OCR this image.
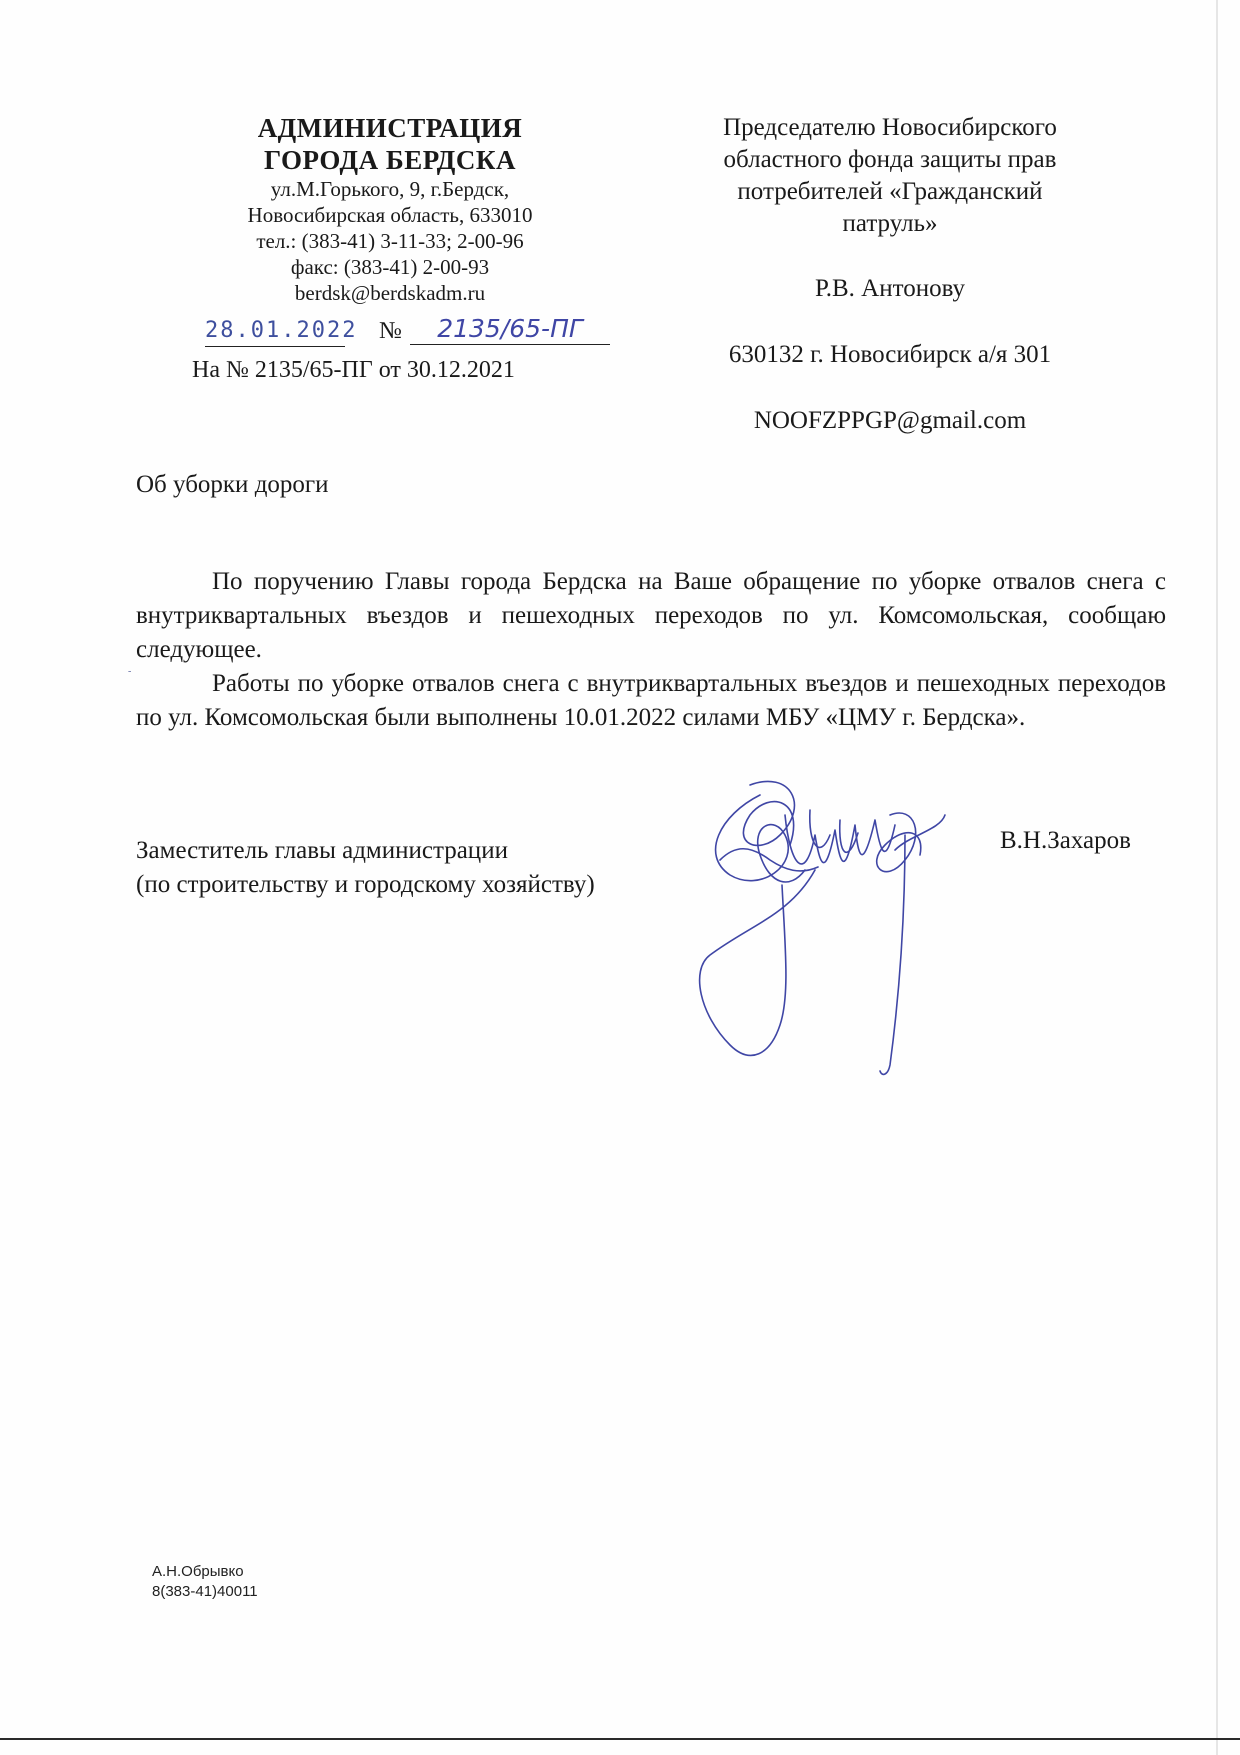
АДМИНИСТРАЦИЯ
ГОРОДА БЕРДСКА
ул.М.Горького, 9, г.Бердск,
Новосибирская область, 633010
тел.: (383-41) 3-11-33; 2-00-96
факс: (383-41) 2-00-93
berdsk@berdskadm.ru
28.01.2022 №	2135/65-ПГ
На № 2135/65-ПГ от 30.12.2021
Председателю Новосибирского
областного фонда защиты прав
потребителей «Гражданский
патруль»
Р.В. Антонову
630132 г. Новосибирск а/я 301
NOOFZPPGP@gmail.com
Об уборки дороги

По поручению Главы города Бердска на Ваше обращение по уборке отвалов снега с внутриквартальных въездов и пешеходных переходов по ул. Комсомольская, сообщаю следующее.

Работы по уборке отвалов снега с внутриквартальных въездов и пешеходных переходов по ул. Комсомольская были выполнены 10.01.2022 силами МБУ «ЦМУ г. Бердска».

‐
Заместитель главы администрации
(по строительству и городскому хозяйству)
В.Н.Захаров
А.Н.Обрывко
8(383-41)40011
